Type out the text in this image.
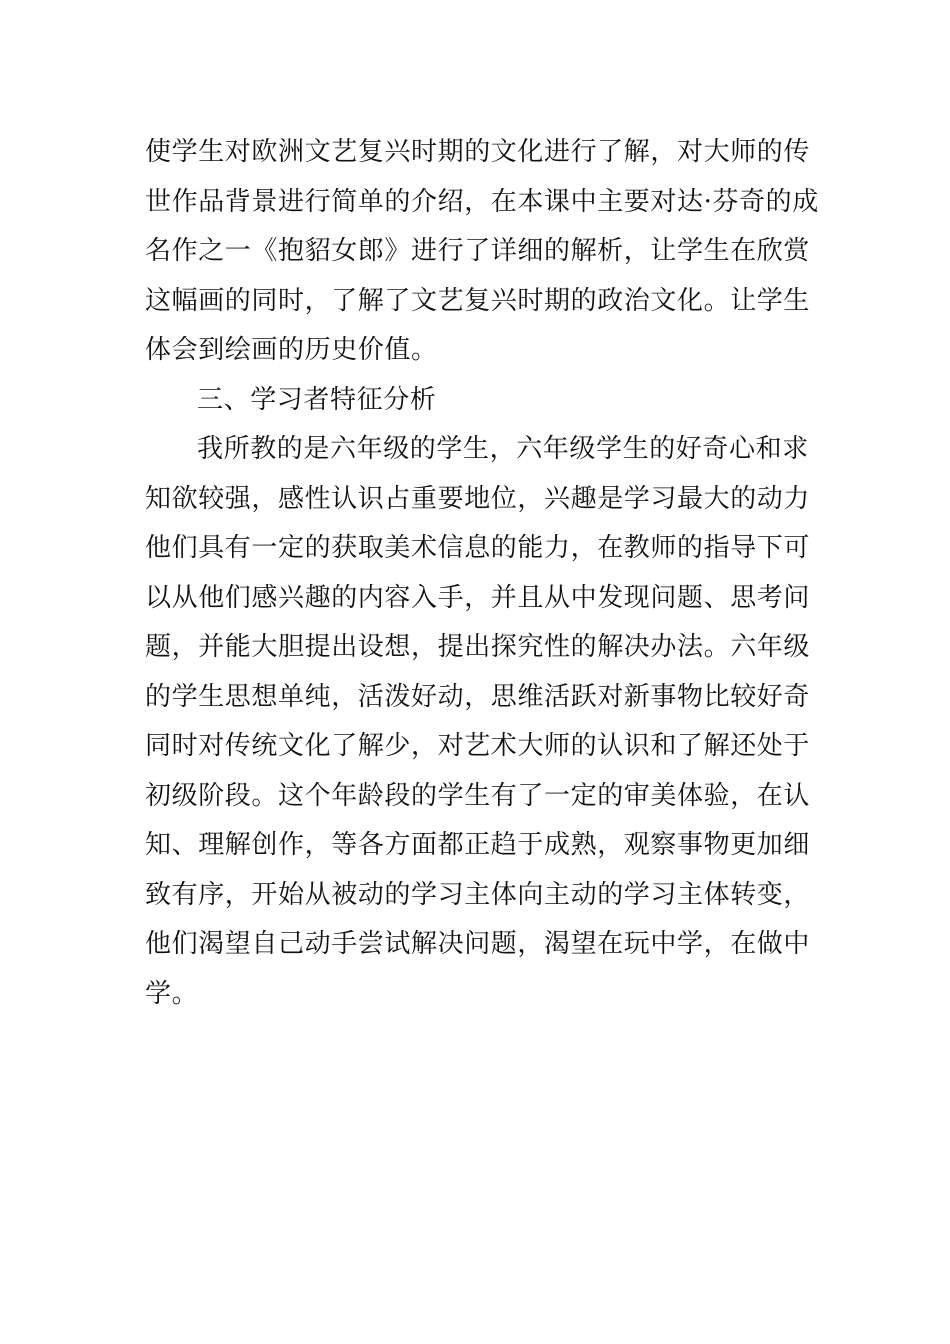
使学生对欧洲文艺复兴时期的文化进行了解，对大师的传
世作品背景进行简单的介绍，在本课中主要对达·芬奇的成
名作之一《抱貂女郎》进行了详细的解析，让学生在欣赏
这幅画的同时，了解了文艺复兴时期的政治文化。让学生
体会到绘画的历史价值。
三、学习者特征分析
我所教的是六年级的学生，六年级学生的好奇心和求
知欲较强，感性认识占重要地位，兴趣是学习最大的动力
他们具有一定的获取美术信息的能力，在教师的指导下可
以从他们感兴趣的内容入手，并且从中发现问题、思考问
题，并能大胆提出设想，提出探究性的解决办法。六年级
的学生思想单纯，活泼好动，思维活跃对新事物比较好奇
同时对传统文化了解少，对艺术大师的认识和了解还处于
初级阶段。这个年龄段的学生有了一定的审美体验，在认
知、理解创作，等各方面都正趋于成熟，观察事物更加细
致有序，开始从被动的学习主体向主动的学习主体转变，
他们渴望自己动手尝试解决问题，渴望在玩中学，在做中
学。
